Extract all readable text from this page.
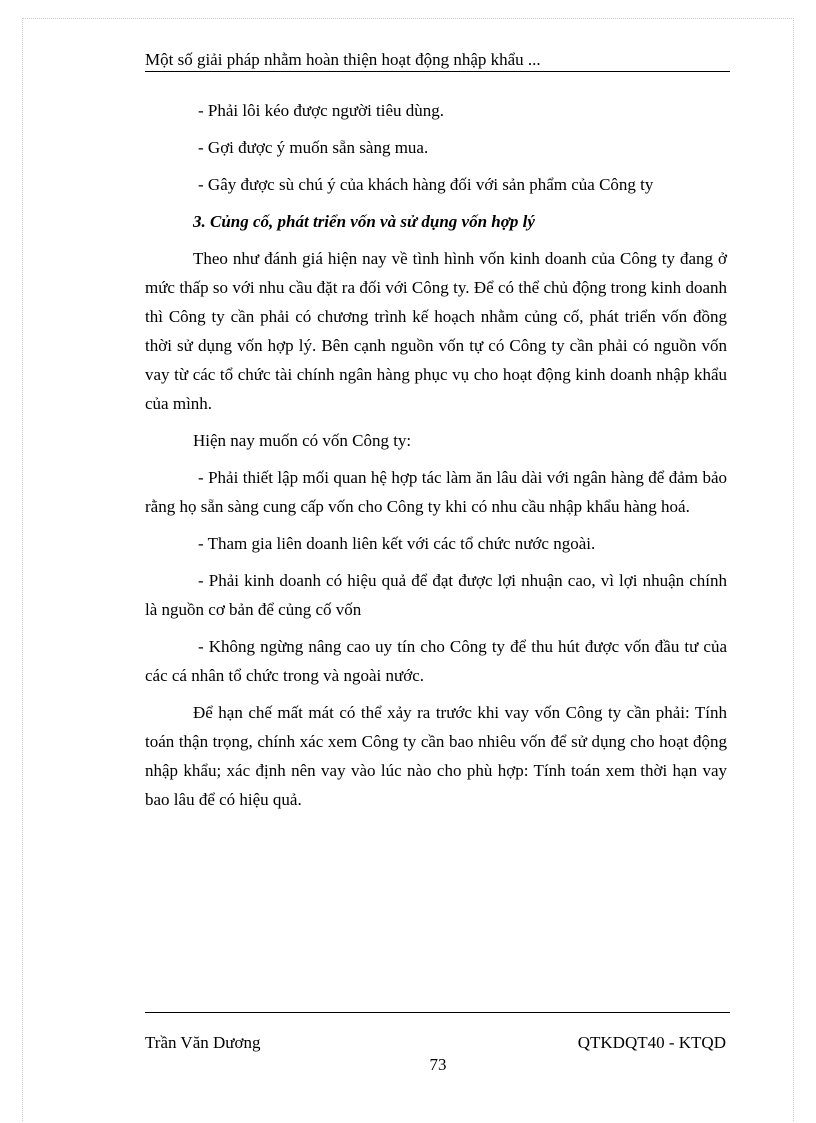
Một số giải pháp nhằm hoàn thiện hoạt động nhập khẩu ...

- Phải lôi kéo được người tiêu dùng.

- Gợi được ý muốn sẵn sàng mua.

- Gây được sù chú ý của khách hàng đối với sản phẩm của Công ty

3. Củng cố, phát triển vốn và sử dụng vốn hợp lý

Theo như đánh giá hiện nay về tình hình vốn kinh doanh của Công ty đang ở mức thấp so với nhu cầu đặt ra đối với Công ty. Để có thể chủ động trong kinh doanh thì Công ty cần phải có chương trình kế hoạch nhằm củng cố, phát triển vốn đồng thời sử dụng vốn hợp lý. Bên cạnh nguồn vốn tự có Công ty cần phải có nguồn vốn vay từ các tổ chức tài chính ngân hàng phục vụ cho hoạt động kinh doanh nhập khẩu của mình.

Hiện nay muốn có vốn Công ty:

- Phải thiết lập mối quan hệ hợp tác làm ăn lâu dài với ngân hàng để đảm bảo rằng họ sẵn sàng cung cấp vốn cho Công ty khi có nhu cầu nhập khẩu hàng hoá.

- Tham gia liên doanh liên kết với các tổ chức nước ngoài.

- Phải kinh doanh có hiệu quả để đạt được lợi nhuận cao, vì lợi nhuận chính là nguồn cơ bản để củng cố vốn

- Không ngừng nâng cao uy tín cho Công ty để thu hút được vốn đầu tư của các cá nhân tổ chức trong và ngoài nước.

Để hạn chế mất mát có thể xảy ra trước khi vay vốn Công ty cần phải: Tính toán thận trọng, chính xác xem Công ty cần bao nhiêu vốn để sử dụng cho hoạt động nhập khẩu; xác định nên vay vào lúc nào cho phù hợp: Tính toán xem thời hạn vay bao lâu để có hiệu quả.

Trần Văn Dương	QTKDQT40 - KTQD
73
